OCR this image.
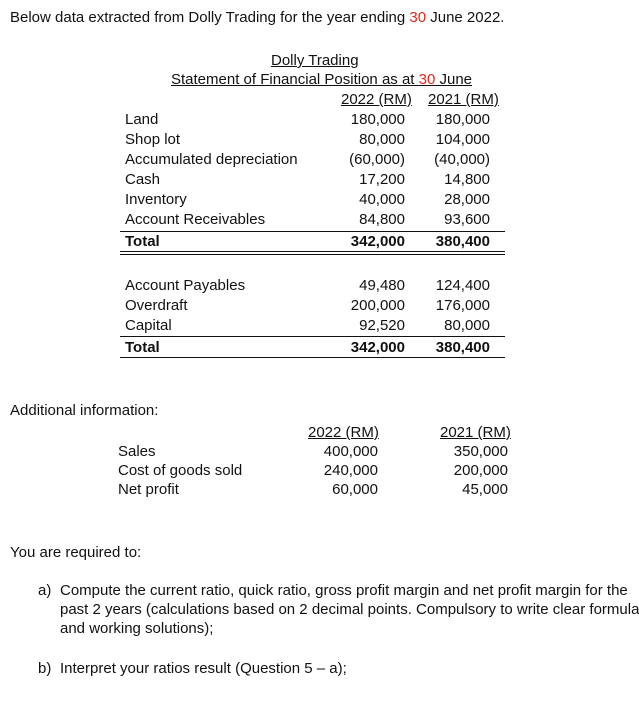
Below data extracted from Dolly Trading for the year ending 30 June 2022.
Dolly Trading
Statement of Financial Position as at 30 June
2022 (RM) 2021 (RM)
Land	180,000	180,000
Shop lot	80,000	104,000
Accumulated depreciation	(60,000)	(40,000)
Cash	17,200	14,800
Inventory	40,000	28,000
Account Receivables	84,800	93,600
Total	342,000	380,400
Account Payables	49,480	124,400
Overdraft	200,000	176,000
Capital	92,520	80,000
Total	342,000	380,400
Additional information:
2022 (RM)	2021 (RM)
Sales	400,000	350,000
Cost of goods sold	240,000	200,000
Net profit	60,000	45,000
You are required to:
a) Compute the current ratio, quick ratio, gross profit margin and net profit margin for the
past 2 years (calculations based on 2 decimal points. Compulsory to write clear formula
and working solutions);
b) Interpret your ratios result (Question 5 – a);
